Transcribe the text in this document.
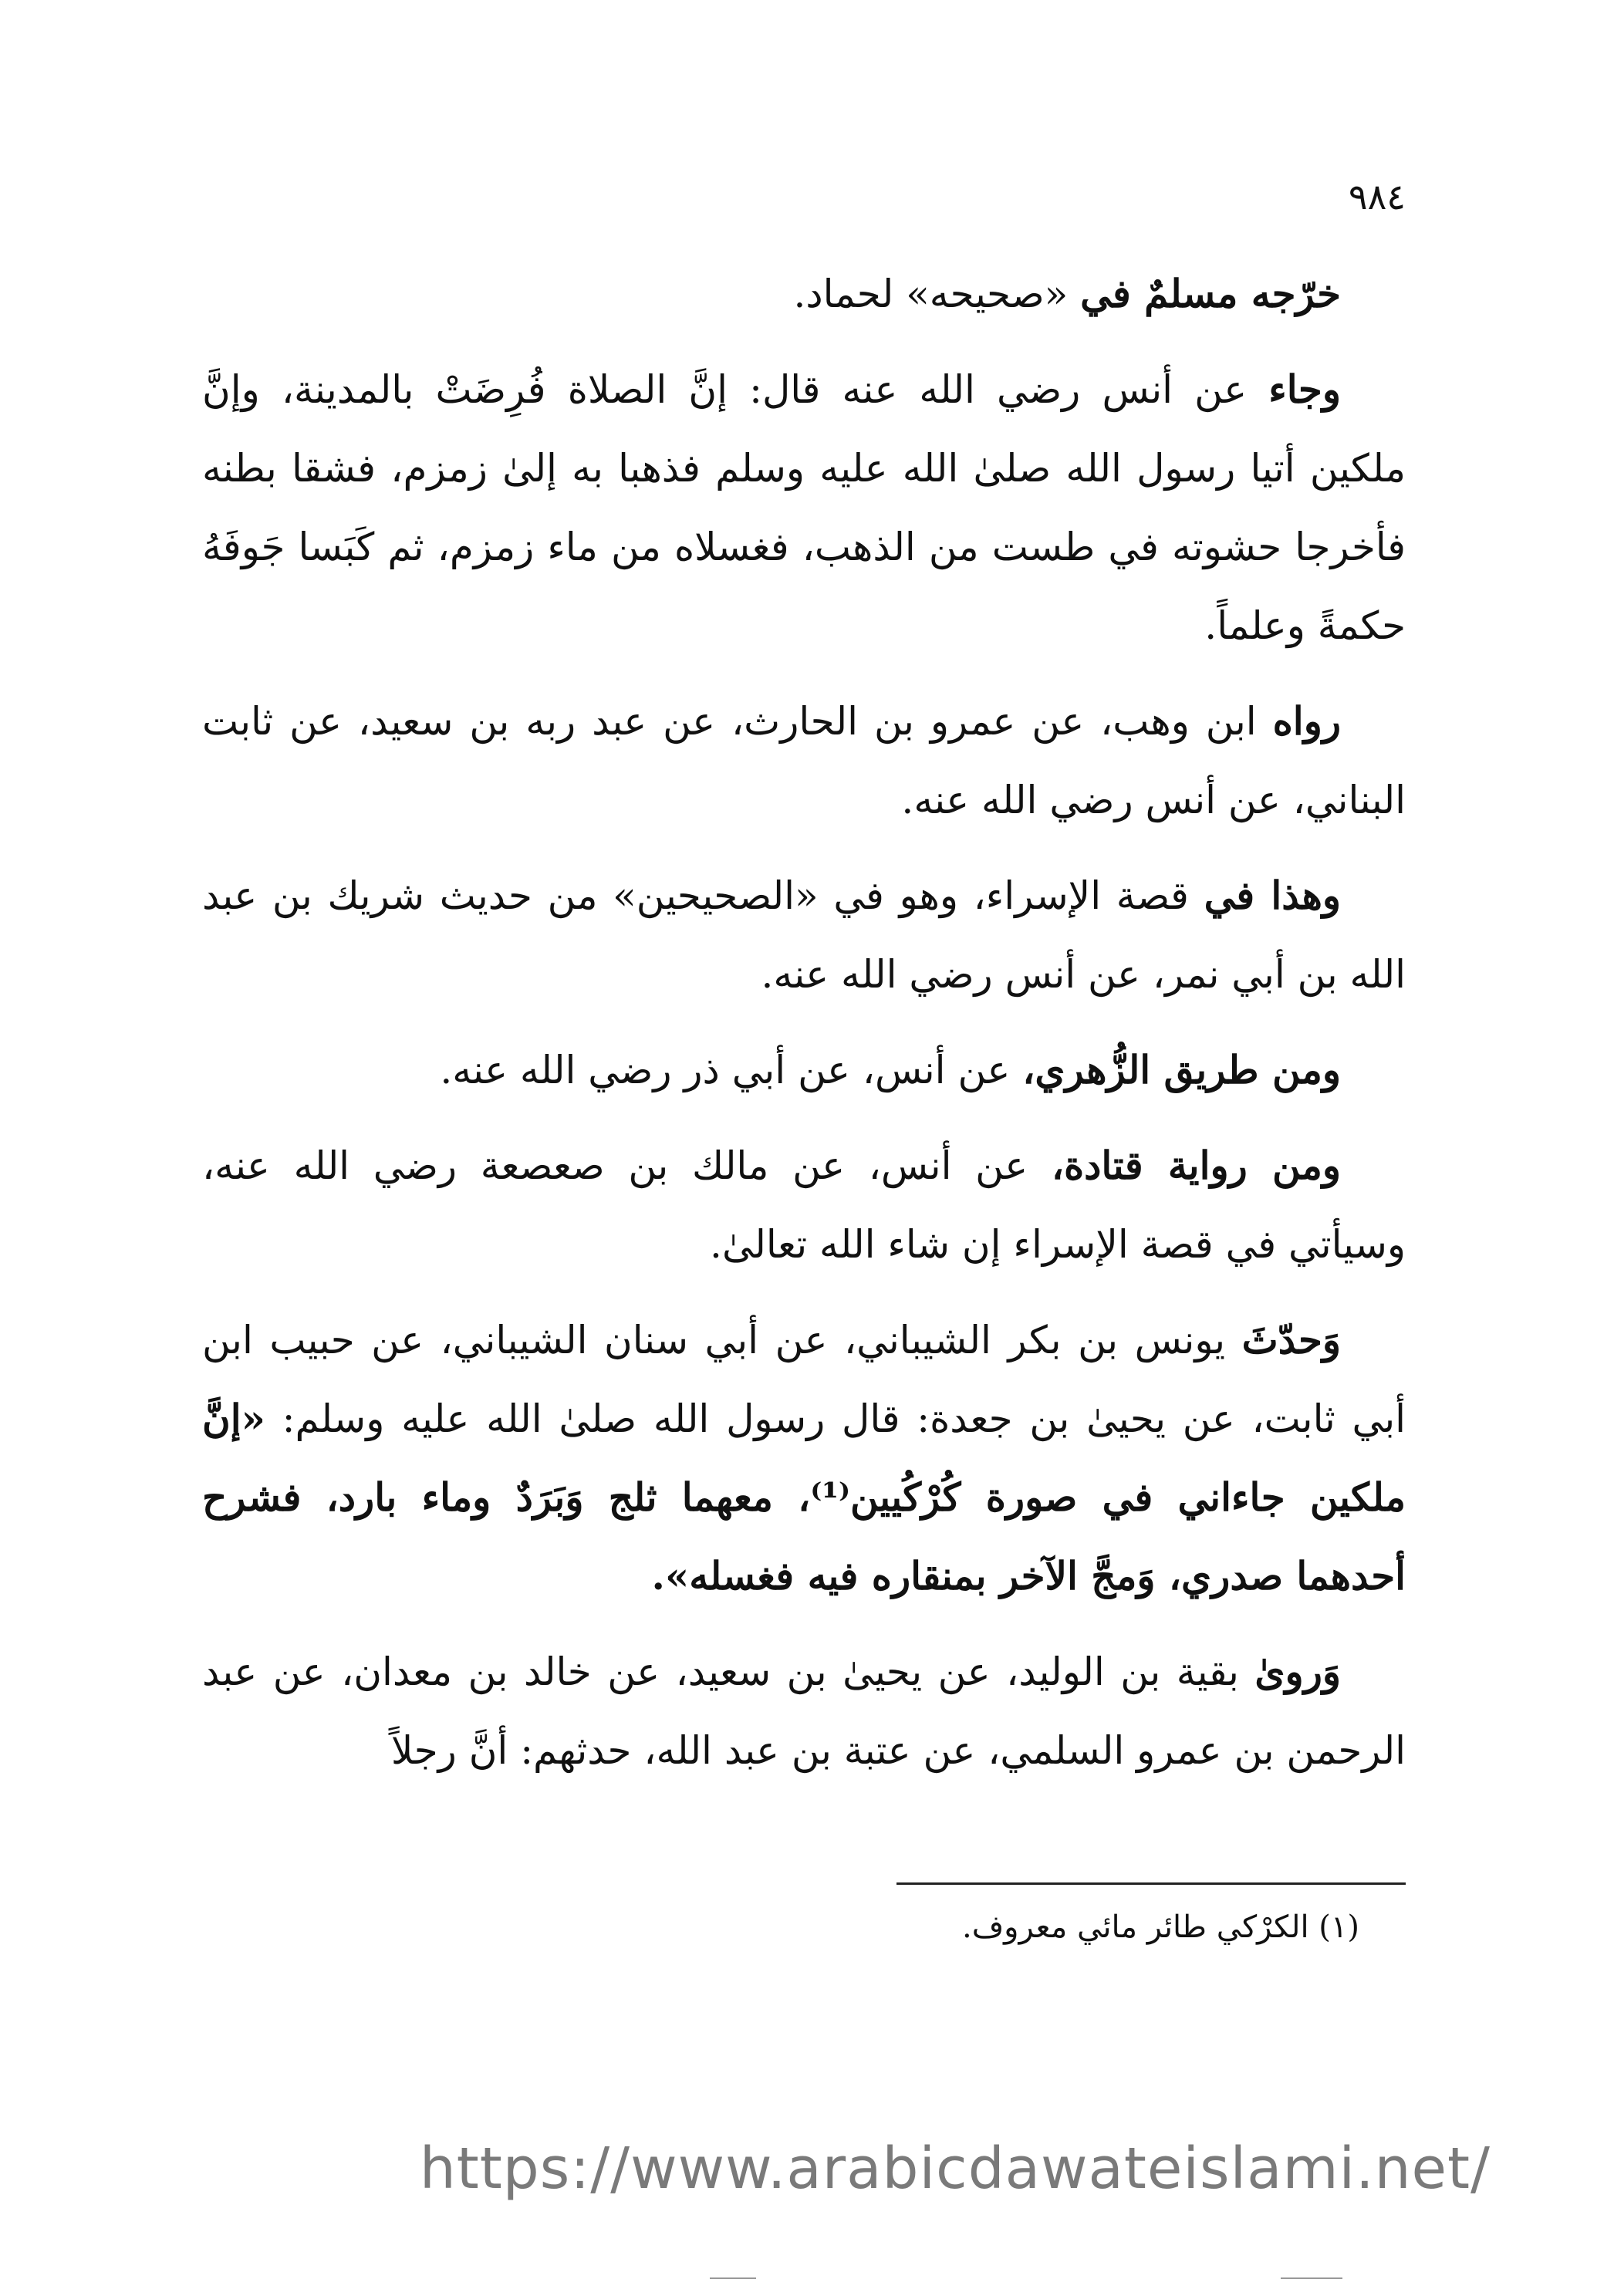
٩٨٤

خرّجه مسلمٌ في «صحيحه» لحماد.

وجاء عن أنس رضي الله عنه قال: إنَّ الصلاة فُرِضَتْ بالمدينة، وإنَّ ملكين أتيا رسول الله صلىٰ الله عليه وسلم فذهبا به إلىٰ زمزم، فشقا بطنه فأخرجا حشوته في طست من الذهب، فغسلاه من ماء زمزم، ثم كَبَسا جَوفَهُ حكمةً وعلماً.

رواه ابن وهب، عن عمرو بن الحارث، عن عبد ربه بن سعيد، عن ثابت البناني، عن أنس رضي الله عنه.

وهذا في قصة الإسراء، وهو في «الصحيحين» من حديث شريك بن عبد الله بن أبي نمر، عن أنس رضي الله عنه.

ومن طريق الزُّهري، عن أنس، عن أبي ذر رضي الله عنه.

ومن رواية قتادة، عن أنس، عن مالك بن صعصعة رضي الله عنه، وسيأتي في قصة الإسراء إن شاء الله تعالىٰ.

وَحدّثَ يونس بن بكر الشيباني، عن أبي سنان الشيباني، عن حبيب ابن أبي ثابت، عن يحيىٰ بن جعدة: قال رسول الله صلىٰ الله عليه وسلم: «إنَّ ملكين جاءاني في صورة كُرْكُيين⁽¹⁾، معهما ثلج وَبَرَدٌ وماء بارد، فشرح أحدهما صدري، وَمجَّ الآخر بمنقاره فيه فغسله».

وَروىٰ بقية بن الوليد، عن يحيىٰ بن سعيد، عن خالد بن معدان، عن عبد الرحمن بن عمرو السلمي، عن عتبة بن عبد الله، حدثهم: أنَّ رجلاً

(١) الكرْكي طائر مائي معروف.
https://www.arabicdawateislami.net/
